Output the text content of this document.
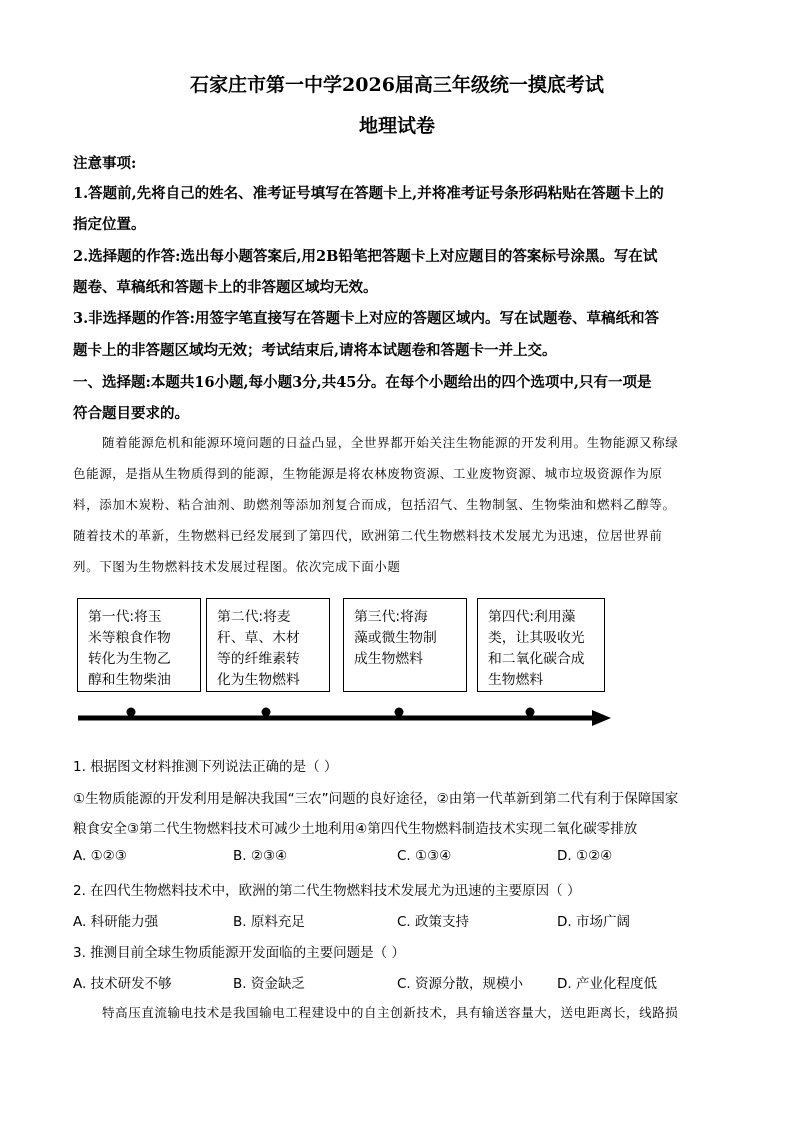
石家庄市第一中学2026届高三年级统一摸底考试
地理试卷
注意事项:
1.答题前,先将自己的姓名、准考证号填写在答题卡上,并将准考证号条形码粘贴在答题卡上的
指定位置。
2.选择题的作答:选出每小题答案后,用2B铅笔把答题卡上对应题目的答案标号涂黑。写在试
题卷、草稿纸和答题卡上的非答题区域均无效。
3.非选择题的作答:用签字笔直接写在答题卡上对应的答题区域内。写在试题卷、草稿纸和答
题卡上的非答题区域均无效；考试结束后,请将本试题卷和答题卡一并上交。
一、选择题:本题共16小题,每小题3分,共45分。在每个小题给出的四个选项中,只有一项是
符合题目要求的。
随着能源危机和能源环境问题的日益凸显，全世界都开始关注生物能源的开发利用。生物能源又称绿
色能源，是指从生物质得到的能源，生物能源是将农林废物资源、工业废物资源、城市垃圾资源作为原
料，添加木炭粉、粘合油剂、助燃剂等添加剂复合而成，包括沼气、生物制氢、生物柴油和燃料乙醇等。
随着技术的革新，生物燃料已经发展到了第四代，欧洲第二代生物燃料技术发展尤为迅速，位居世界前
列。下图为生物燃料技术发展过程图。依次完成下面小题
第一代:将玉
米等粮食作物
转化为生物乙
醇和生物柴油
第二代:将麦
秆、草、木材
等的纤维素转
化为生物燃料
第三代:将海
藻或微生物制
成生物燃料
第四代:利用藻
类，让其吸收光
和二氧化碳合成
生物燃料
1. 根据图文材料推测下列说法正确的是（ ）
①生物质能源的开发利用是解决我国“三农”问题的良好途径，②由第一代革新到第二代有利于保障国家
粮食安全③第二代生物燃料技术可减少土地利用④第四代生物燃料制造技术实现二氧化碳零排放
A. ①②③	B. ②③④	C. ①③④	D. ①②④
2. 在四代生物燃料技术中，欧洲的第二代生物燃料技术发展尤为迅速的主要原因（ ）
A. 科研能力强	B. 原料充足	C. 政策支持	D. 市场广阔
3. 推测目前全球生物质能源开发面临的主要问题是（ ）
A. 技术研发不够	B. 资金缺乏	C. 资源分散，规模小	D. 产业化程度低
特高压直流输电技术是我国输电工程建设中的自主创新技术，具有输送容量大，送电距离长，线路损
